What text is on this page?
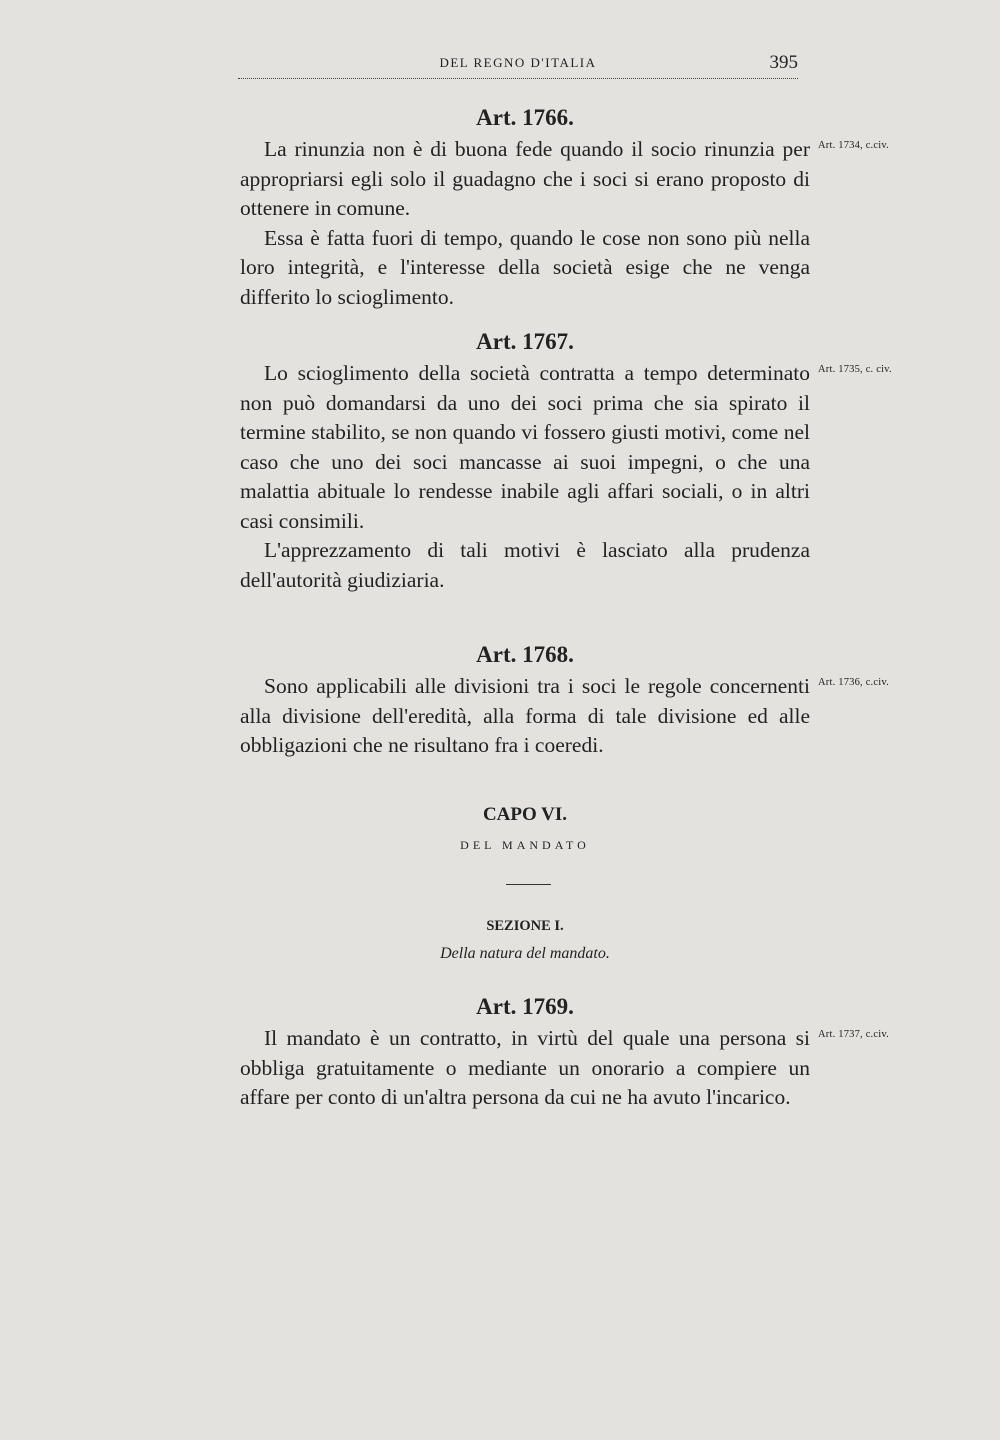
DEL REGNO D'ITALIA	395
Art. 1766.

La rinunzia non è di buona fede quando il socio rinunzia per appropriarsi egli solo il guadagno che i soci si erano proposto di ottenere in comune.

Essa è fatta fuori di tempo, quando le cose non sono più nella loro integrità, e l'interesse della società esige che ne venga differito lo scioglimento.

Art. 1734, c.civ.
Art. 1767.

Lo scioglimento della società contratta a tempo determinato non può domandarsi da uno dei soci prima che sia spirato il termine stabilito, se non quando vi fossero giusti motivi, come nel caso che uno dei soci mancasse ai suoi impegni, o che una malattia abituale lo rendesse inabile agli affari sociali, o in altri casi consimili.

L'apprezzamento di tali motivi è lasciato alla prudenza dell'autorità giudiziaria.

Art. 1735, c. civ.
Art. 1768.

Sono applicabili alle divisioni tra i soci le regole concernenti alla divisione dell'eredità, alla forma di tale divisione ed alle obbligazioni che ne risultano fra i coeredi.

Art. 1736, c.civ.
CAPO VI.
DEL MANDATO
SEZIONE I.
Della natura del mandato.
Art. 1769.

Il mandato è un contratto, in virtù del quale una persona si obbliga gratuitamente o mediante un onorario a compiere un affare per conto di un'altra persona da cui ne ha avuto l'incarico.

Art. 1737, c.civ.
